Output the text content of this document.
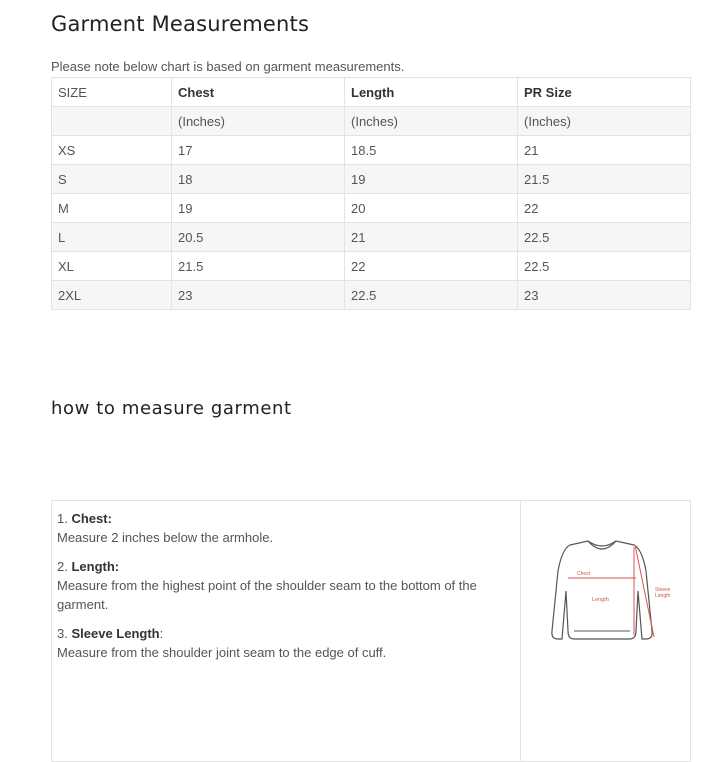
Garment Measurements
Please note below chart is based on garment measurements.
SIZE	Chest	Length	PR Size
	(Inches)	(Inches)	(Inches)
XS	17	18.5	21
S	18	19	21.5
M	19	20	22
L	20.5	21	22.5
XL	21.5	22	22.5
2XL	23	22.5	23
how to measure garment
1. Chest:
Measure 2 inches below the armhole.
2. Length:
Measure from the highest point of the shoulder seam to the bottom of the garment.
3. Sleeve Length:
Measure from the shoulder joint seam to the edge of cuff.
Chest
Length
Sleeve
Length
